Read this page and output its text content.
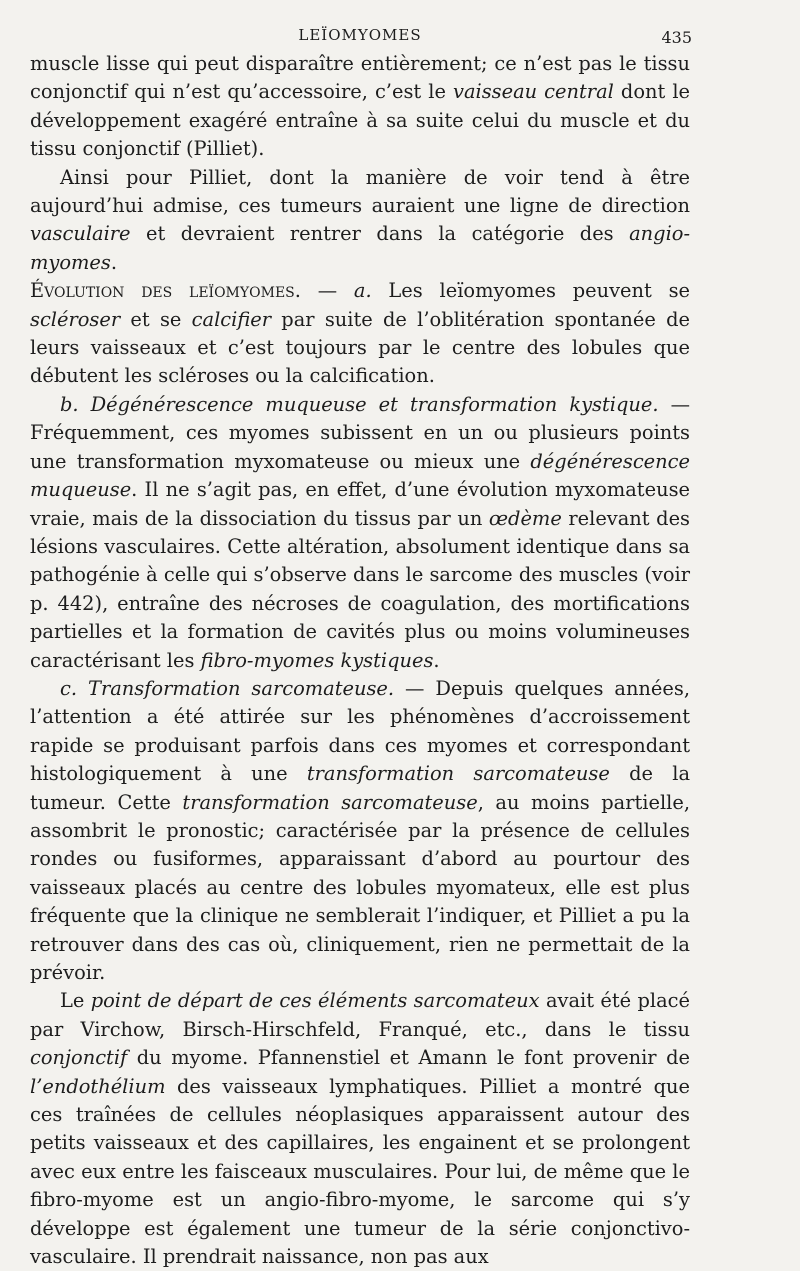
LEÏOMYOMES	435

muscle lisse qui peut disparaître entièrement; ce n’est pas le tissu conjonctif qui n’est qu’accessoire, c’est le vaisseau central dont le développement exagéré entraîne à sa suite celui du muscle et du tissu conjonctif (Pilliet).

Ainsi pour Pilliet, dont la manière de voir tend à être aujourd’hui admise, ces tumeurs auraient une ligne de direction vasculaire et devraient rentrer dans la catégorie des angio-myomes.

Évolution des leïomyomes. — a. Les leïomyomes peuvent se scléroser et se calcifier par suite de l’oblitération spontanée de leurs vaisseaux et c’est toujours par le centre des lobules que débutent les scléroses ou la calcification.

b. Dégénérescence muqueuse et transformation kystique. — Fréquemment, ces myomes subissent en un ou plusieurs points une transformation myxomateuse ou mieux une dégénérescence muqueuse. Il ne s’agit pas, en effet, d’une évolution myxomateuse vraie, mais de la dissociation du tissus par un œdème relevant des lésions vasculaires. Cette altération, absolument identique dans sa pathogénie à celle qui s’observe dans le sarcome des muscles (voir p. 442), entraîne des nécroses de coagulation, des mortifications partielles et la formation de cavités plus ou moins volumineuses caractérisant les fibro-myomes kystiques.

c. Transformation sarcomateuse. — Depuis quelques années, l’attention a été attirée sur les phénomènes d’accroissement rapide se produisant parfois dans ces myomes et correspondant histologiquement à une transformation sarcomateuse de la tumeur. Cette transformation sarcomateuse, au moins partielle, assombrit le pronostic; caractérisée par la présence de cellules rondes ou fusiformes, apparaissant d’abord au pourtour des vaisseaux placés au centre des lobules myomateux, elle est plus fréquente que la clinique ne semblerait l’indiquer, et Pilliet a pu la retrouver dans des cas où, cliniquement, rien ne permettait de la prévoir.

Le point de départ de ces éléments sarcomateux avait été placé par Virchow, Birsch-Hirschfeld, Franqué, etc., dans le tissu conjonctif du myome. Pfannenstiel et Amann le font provenir de l’endothélium des vaisseaux lymphatiques. Pilliet a montré que ces traînées de cellules néoplasiques apparaissent autour des petits vaisseaux et des capillaires, les engainent et se prolongent avec eux entre les faisceaux musculaires. Pour lui, de même que le fibro-myome est un angio-fibro-myome, le sarcome qui s’y développe est également une tumeur de la série conjonctivo-vasculaire. Il prendrait naissance, non pas aux
